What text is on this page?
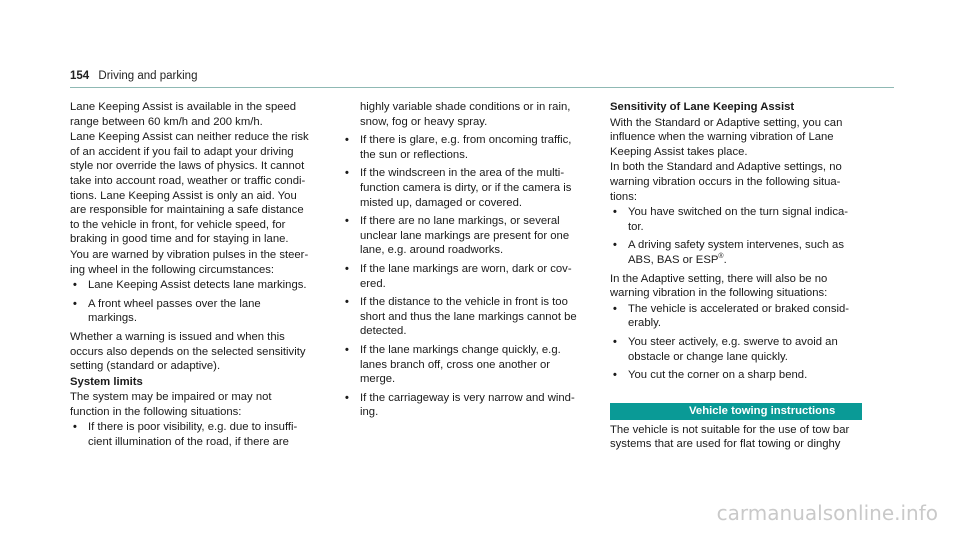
154 Driving and parking

Lane Keeping Assist is available in the speed range between 60 km/h and 200 km/h.

Lane Keeping Assist can neither reduce the risk of an accident if you fail to adapt your driving style nor override the laws of physics. It cannot take into account road, weather or traffic condi-tions. Lane Keeping Assist is only an aid. You are responsible for maintaining a safe distance to the vehicle in front, for vehicle speed, for braking in good time and for staying in lane.

You are warned by vibration pulses in the steer-ing wheel in the following circumstances:

• Lane Keeping Assist detects lane markings.
• A front wheel passes over the lane markings.

Whether a warning is issued and when this occurs also depends on the selected sensitivity setting (standard or adaptive).

System limits

The system may be impaired or may not function in the following situations:

• If there is poor visibility, e.g. due to insuffi-cient illumination of the road, if there are

highly variable shade conditions or in rain, snow, fog or heavy spray.

• If there is glare, e.g. from oncoming traffic, the sun or reflections.
• If the windscreen in the area of the multi-function camera is dirty, or if the camera is misted up, damaged or covered.
• If there are no lane markings, or several unclear lane markings are present for one lane, e.g. around roadworks.
• If the lane markings are worn, dark or cov-ered.
• If the distance to the vehicle in front is too short and thus the lane markings cannot be detected.
• If the lane markings change quickly, e.g. lanes branch off, cross one another or merge.
• If the carriageway is very narrow and wind-ing.

Sensitivity of Lane Keeping Assist

With the Standard or Adaptive setting, you can influence when the warning vibration of Lane Keeping Assist takes place.

In both the Standard and Adaptive settings, no warning vibration occurs in the following situa-tions:

• You have switched on the turn signal indica-tor.
• A driving safety system intervenes, such as ABS, BAS or ESP®.

In the Adaptive setting, there will also be no warning vibration in the following situations:

• The vehicle is accelerated or braked consid-erably.
• You steer actively, e.g. swerve to avoid an obstacle or change lane quickly.
• You cut the corner on a sharp bend.
Vehicle towing instructions

The vehicle is not suitable for the use of tow bar systems that are used for flat towing or dinghy

carmanualsonline.info
